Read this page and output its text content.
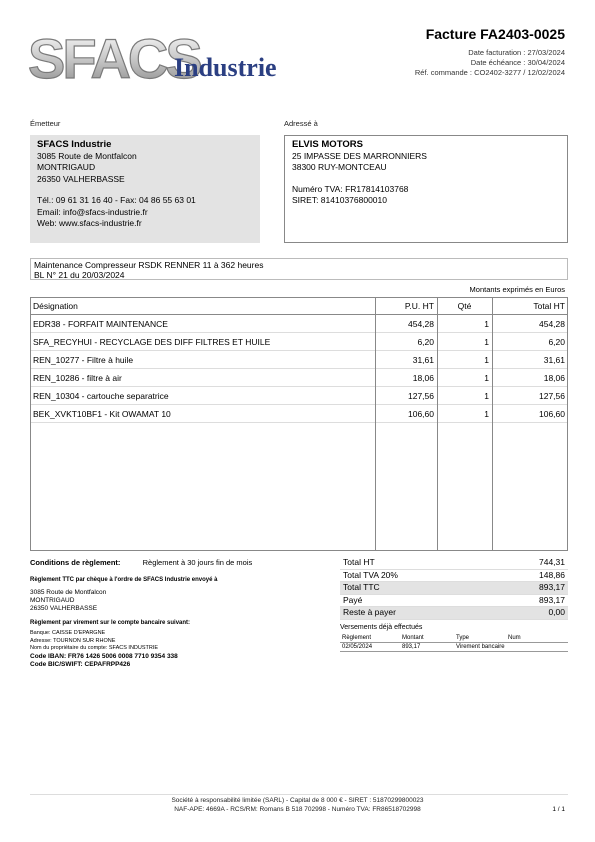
SFACS
Industrie
Facture FA2403-0025
Date facturation : 27/03/2024
Date échéance : 30/04/2024
Réf. commande : CO2402-3277 / 12/02/2024
Émetteur	Adressé à
SFACS Industrie
3085 Route de Montfalcon
MONTRIGAUD
26350 VALHERBASSE
Tél.: 09 61 31 16 40 - Fax: 04 86 55 63 01
Email: info@sfacs-industrie.fr
Web: www.sfacs-industrie.fr
ELVIS MOTORS
25 IMPASSE DES MARRONNIERS
38300 RUY-MONTCEAU
Numéro TVA: FR17814103768
SIRET: 81410376800010
Maintenance Compresseur RSDK RENNER 11 à 362 heures
BL N° 21 du 20/03/2024
Montants exprimés en Euros
Désignation	P.U. HT	Qté	Total HT
EDR38 - FORFAIT MAINTENANCE	454,28	1	454,28
SFA_RECYHUI - RECYCLAGE DES DIFF FILTRES ET HUILE	6,20	1	6,20
REN_10277 - Filtre à huile	31,61	1	31,61
REN_10286 - filtre à air	18,06	1	18,06
REN_10304 - cartouche separatrice	127,56	1	127,56
BEK_XVKT10BF1 - Kit OWAMAT 10	106,60	1	106,60
Conditions de règlement:	Règlement à 30 jours fin de mois
Règlement TTC par chèque à l'ordre de SFACS Industrie envoyé à
3085 Route de Montfalcon
MONTRIGAUD
26350 VALHERBASSE
Règlement par virement sur le compte bancaire suivant:
Banque: CAISSE D'EPARGNE
Adresse: TOURNON SUR RHONE
Nom du propriétaire du compte: SFACS INDUSTRIE
Code IBAN: FR76 1426 5006 0008 7710 9354 338
Code BIC/SWIFT: CEPAFRPP426
Total HT	744,31
Total TVA 20%	148,86
Total TTC	893,17
Payé	893,17
Reste à payer	0,00
Versements déjà effectués
Règlement	Montant	Type	Num
02/05/2024	893,17	Virement bancaire
Société à responsabilité limitée (SARL) - Capital de 8 000 € - SIRET : 51870299800023
NAF-APE: 4669A - RCS/RM: Romans B 518 702998 - Numéro TVA: FR86518702998	1 / 1
